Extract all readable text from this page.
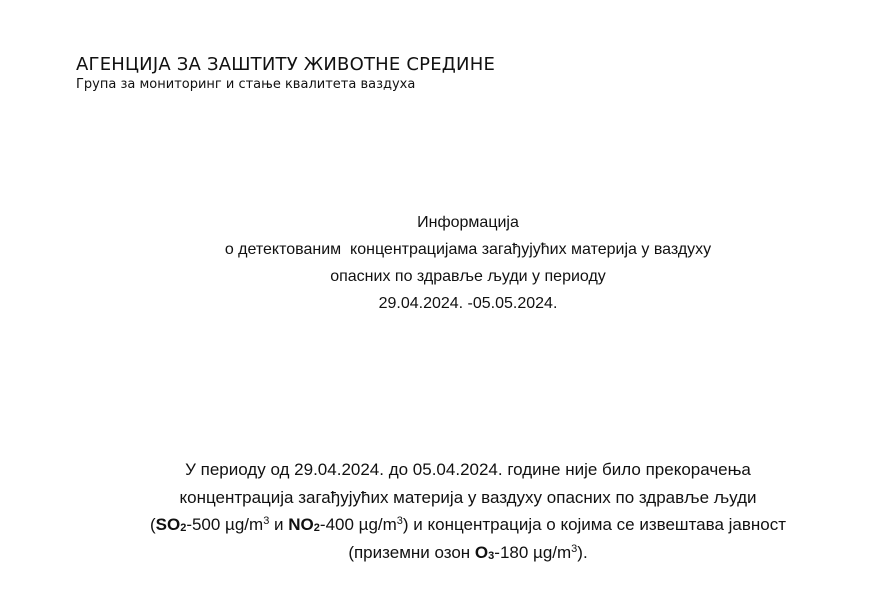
АГЕНЦИЈА ЗА ЗАШТИТУ ЖИВОТНЕ СРЕДИНЕ
Група за мониторинг и стање квалитета ваздуха
Информација
о детектованим  концентрацијама загађујућих материја у ваздуху
опасних по здравље људи у периоду
29.04.2024. -05.05.2024.
У периоду од 29.04.2024. до 05.04.2024. године није било прекорачења
концентрација загађујућих материја у ваздуху опасних по здравље људи
($SO_2-500$ $\mu g/m^3$ и $NO_2-400$ $\mu g/m^3$) и концентрација о којима се извештава јавност
(приземни озон $O_3-180$ $\mu g/m^3$).
